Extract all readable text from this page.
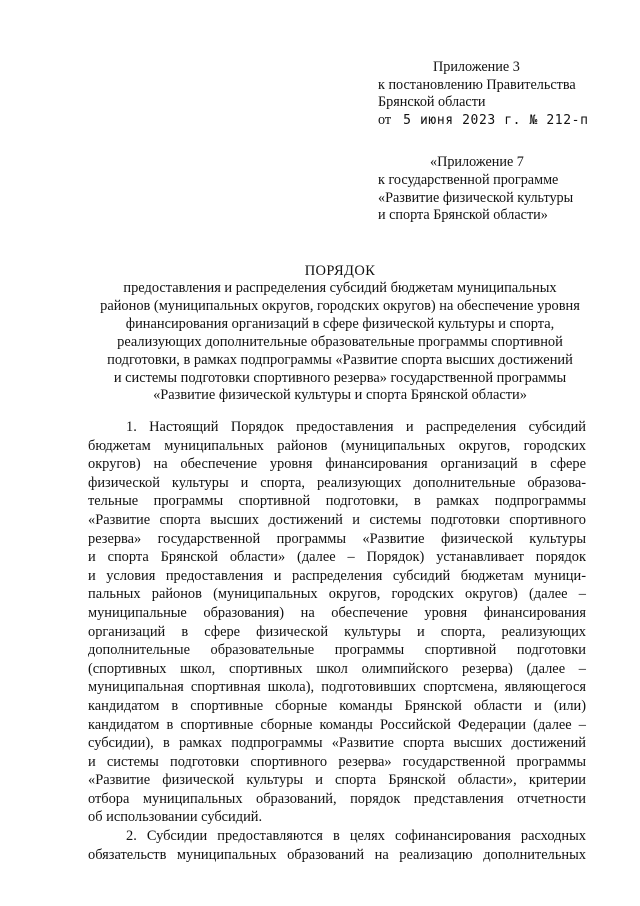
Приложение 3
к постановлению Правительства
Брянской области
от 5 июня 2023 г. № 212-п
«Приложение 7
к государственной программе
«Развитие физической культуры
и спорта Брянской области»
ПОРЯДОК
предоставления и распределения субсидий бюджетам муниципальных
районов (муниципальных округов, городских округов) на обеспечение уровня
финансирования организаций в сфере физической культуры и спорта,
реализующих дополнительные образовательные программы спортивной
подготовки, в рамках подпрограммы «Развитие спорта высших достижений
и системы подготовки спортивного резерва» государственной программы
«Развитие физической культуры и спорта Брянской области»
1. Настоящий Порядок предоставления и распределения субсидий
бюджетам муниципальных районов (муниципальных округов, городских
округов) на обеспечение уровня финансирования организаций в сфере
физической культуры и спорта, реализующих дополнительные образова-
тельные программы спортивной подготовки, в рамках подпрограммы
«Развитие спорта высших достижений и системы подготовки спортивного
резерва» государственной программы «Развитие физической культуры
и спорта Брянской области» (далее – Порядок) устанавливает порядок
и условия предоставления и распределения субсидий бюджетам муници-
пальных районов (муниципальных округов, городских округов) (далее –
муниципальные образования) на обеспечение уровня финансирования
организаций в сфере физической культуры и спорта, реализующих
дополнительные образовательные программы спортивной подготовки
(спортивных школ, спортивных школ олимпийского резерва) (далее –
муниципальная спортивная школа), подготовивших спортсмена, являющегося
кандидатом в спортивные сборные команды Брянской области и (или)
кандидатом в спортивные сборные команды Российской Федерации (далее –
субсидии), в рамках подпрограммы «Развитие спорта высших достижений
и системы подготовки спортивного резерва» государственной программы
«Развитие физической культуры и спорта Брянской области», критерии
отбора муниципальных образований, порядок представления отчетности
об использовании субсидий.
2. Субсидии предоставляются в целях софинансирования расходных
обязательств муниципальных образований на реализацию дополнительных
